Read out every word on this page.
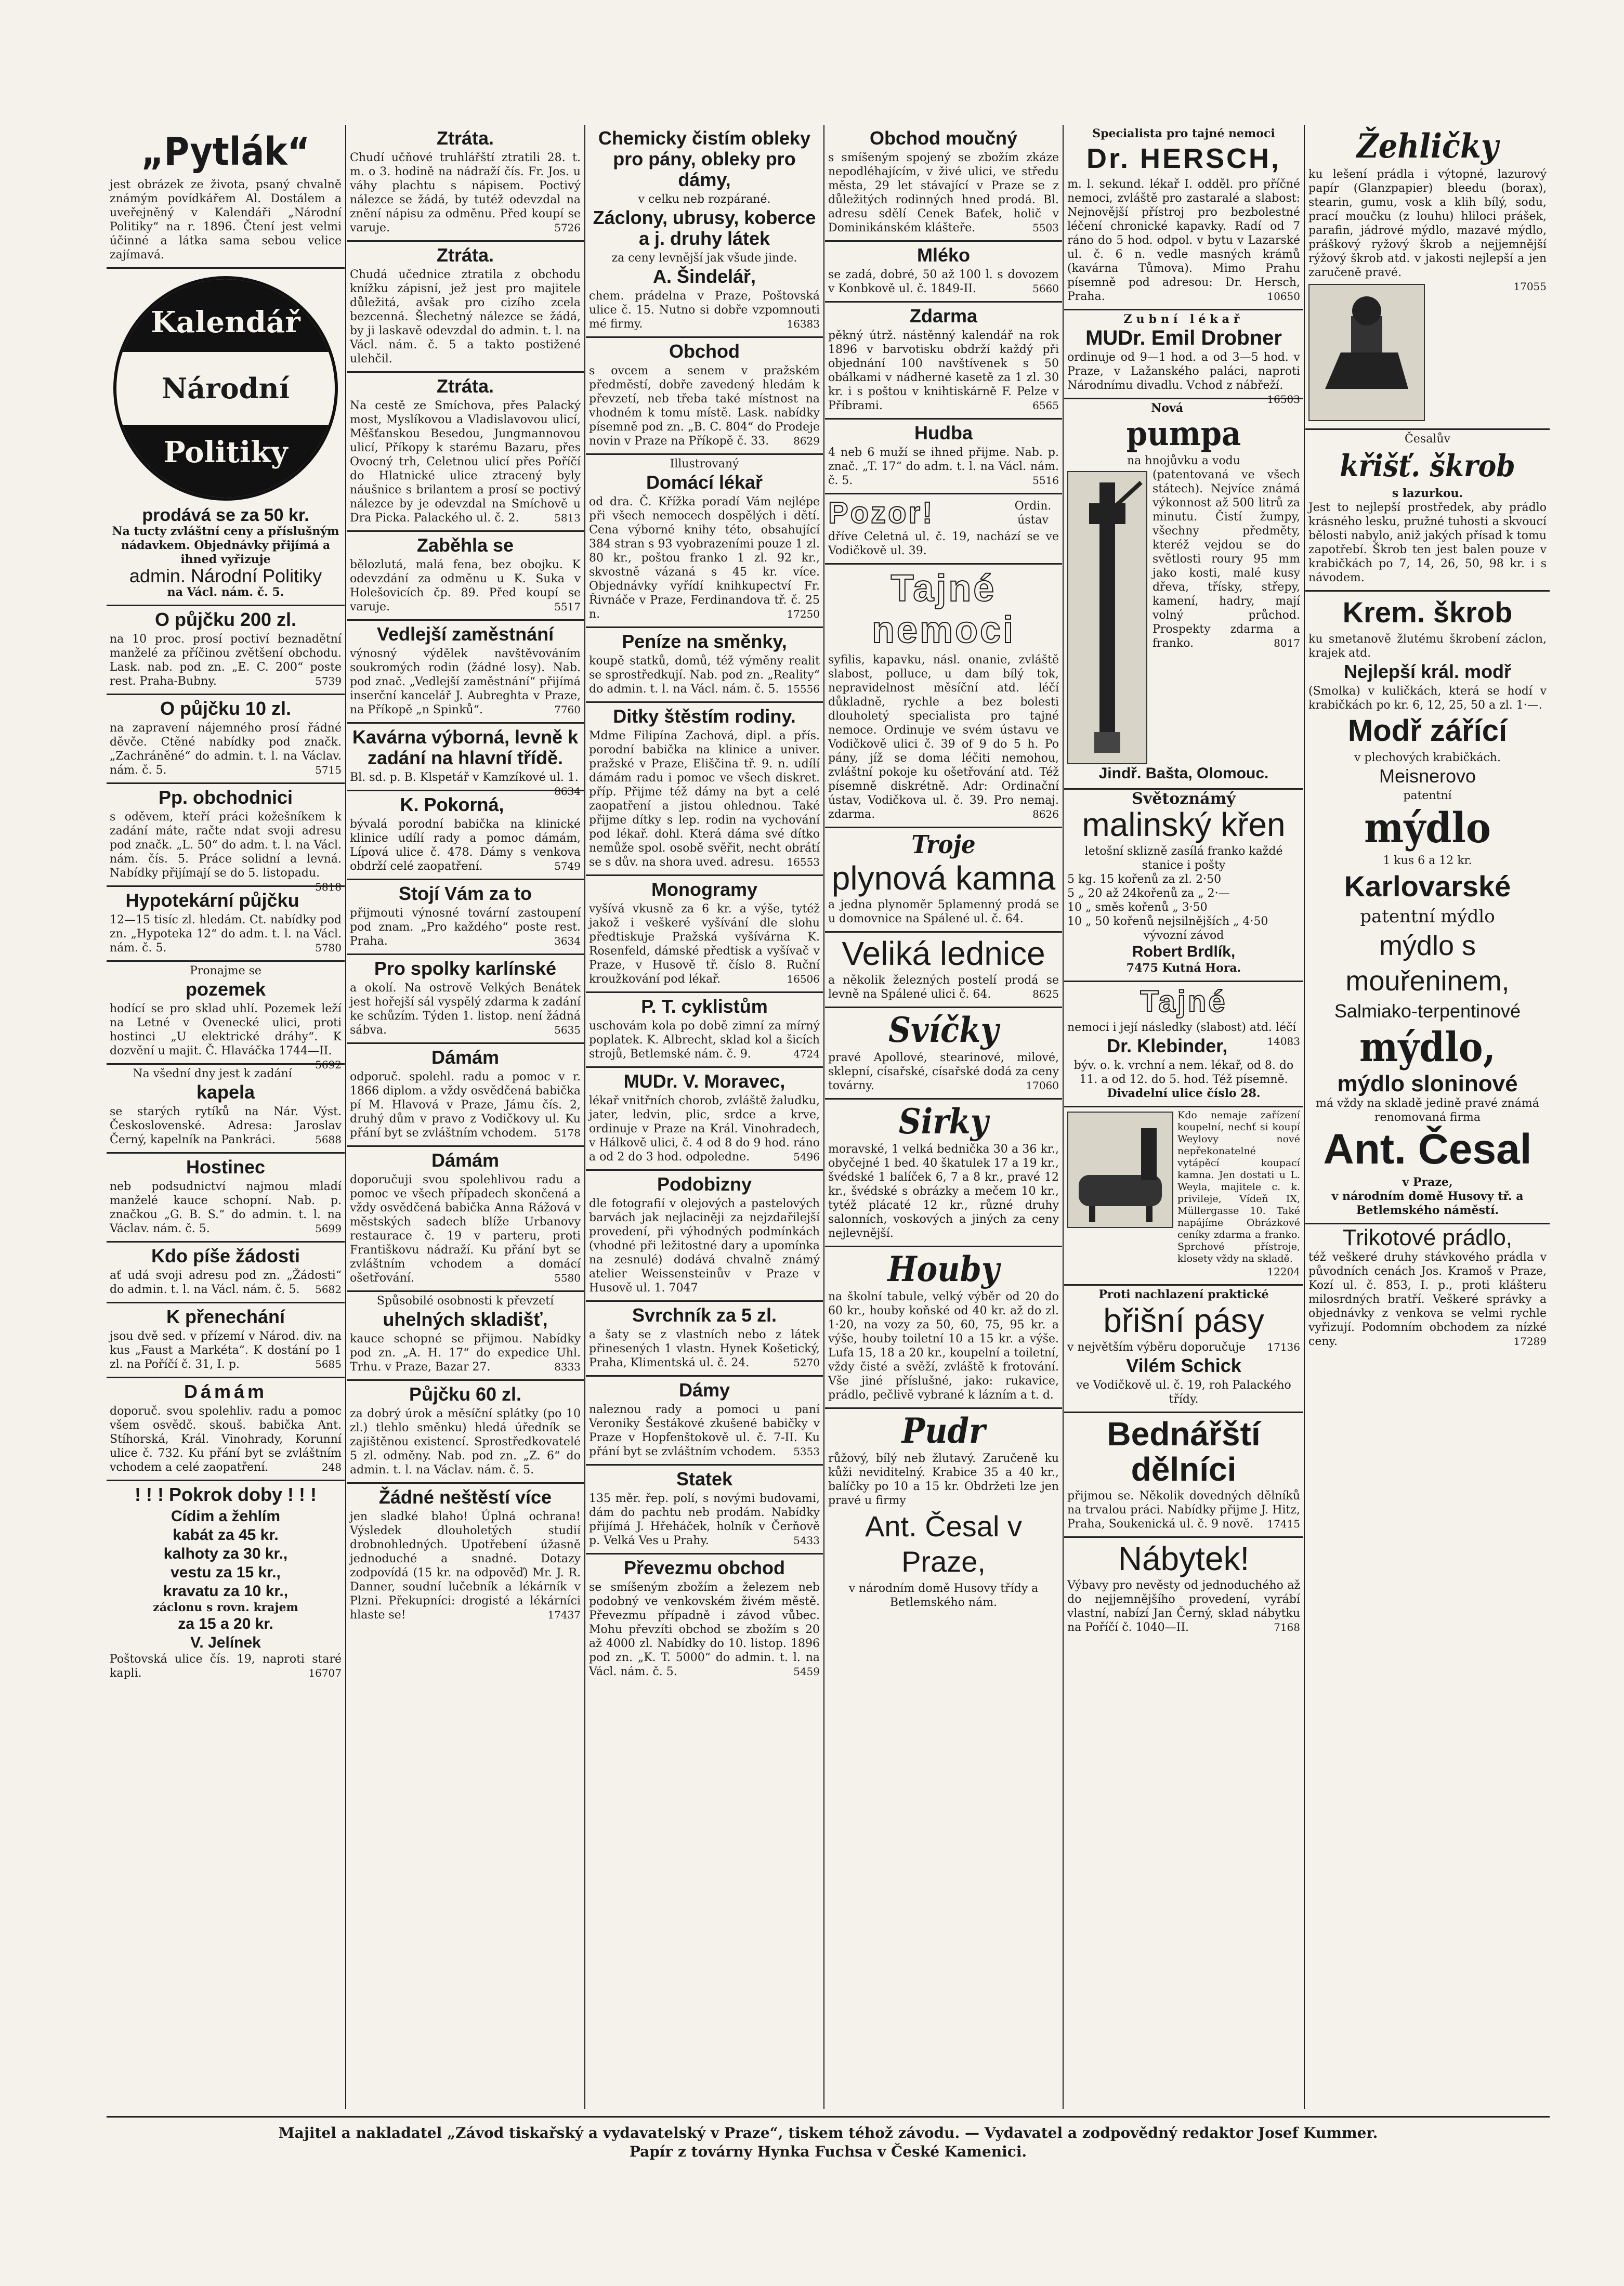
„Pytlák“

jest obrázek ze života, psaný chvalně známým povídkářem Al. Dostálem a uveřejněný v Kalendáři „Národní Politiky“ na r. 1896. Čtení jest velmi účinné a látka sama sebou velice zajímavá.

Kalendář
Národní
Politiky
prodává se za 50 kr.

Na tucty zvláštní ceny a příslušným nádavkem. Objednávky přijímá a ihned vyřizuje

admin. Národní Politiky

na Václ. nám. č. 5.

O půjčku 200 zl.

na 10 proc. prosí poctiví beznadětní manželé za příčinou zvětšení obchodu. Lask. nab. pod zn. „E. C. 200“ poste rest. Praha-Bubny.	5739

O půjčku 10 zl.

na zapravení nájemného prosí řádné děvče. Ctěné nabídky pod značk. „Zachráněné“ do admin. t. l. na Václav. nám. č. 5.	5715

Pp. obchodnici

s oděvem, kteří práci kožešníkem k zadání máte, račte ndat svoji adresu pod značk. „L. 50“ do adm. t. l. na Václ. nám. čís. 5. Práce solidní a levná. Nabídky přijímají se do 5. listopadu.
5818

Hypotekární půjčku

12—15 tisíc zl. hledám. Ct. nabídky pod zn. „Hypoteka 12“ do adm. t. l. na Václ. nám. č. 5.	5780

Pronajme se

pozemek

hodící se pro sklad uhlí. Pozemek leží na Letné v Ovenecké ulici, proti hostinci „U elektrické dráhy“. K dozvění u majit. Č. Hlaváčka 1744—II.
5692

Na všední dny jest k zadání

kapela

se starých rytíků na Nár. Výst. Československé. Adresa: Jaroslav Černý, kapelník na Pankráci.	5688

Hostinec

neb podsudnictví najmou mladí manželé kauce schopní. Nab. p. značkou „G. B. S.“ do admin. t. l. na Václav. nám. č. 5.	5699

Kdo píše žádosti

ať udá svoji adresu pod zn. „Žádosti“ do admin. t. l. na Václ. nám. č. 5. 5682

K přenechání

jsou dvě sed. v přízemí v Národ. div. na kus „Faust a Markéta“. K dostání po 1 zl. na Poříčí č. 31, I. p.	5685

Dámám

doporuč. svou spolehliv. radu a pomoc všem osvědč. skouš. babička Ant. Stíhorská, Král. Vinohrady, Korunní ulice č. 732. Ku přání byt se zvláštním vchodem a celé zaopatření.	248

! ! ! Pokrok doby ! ! !
Cídim a žehlím
kabát za 45 kr.
kalhoty za 30 kr.,
vestu za 15 kr.,
kravatu za 10 kr.,

záclonu s rovn. krajem

za 15 a 20 kr.
V. Jelínek

Poštovská ulice čís. 19, naproti staré kapli.	16707

Ztráta.

Chudí učňové truhlářští ztratili 28. t. m. o 3. hodině na nádraží čís. Fr. Jos. u váhy plachtu s nápisem. Poctivý nálezce se žádá, by tutéž odevzdal na znění nápisu za odměnu. Před koupí se varuje.	5726

Ztráta.

Chudá učednice ztratila z obchodu knížku zápisní, jež jest pro majitele důležitá, avšak pro cizího zcela bezcenná. Šlechetný nálezce se žádá, by ji laskavě odevzdal do admin. t. l. na Václ. nám. č. 5 a takto postižené ulehčil.

Ztráta.

Na cestě ze Smíchova, přes Palacký most, Myslíkovou a Vladislavovou ulicí, Měšťanskou Besedou, Jungmannovou ulicí, Příkopy k starému Bazaru, přes Ovocný trh, Celetnou ulicí přes Poříčí do Hlatnické ulice ztracený byly náušnice s brilantem a prosí se poctivý nálezce by je odevzdal na Smíchově u Dra Picka. Palackého ul. č. 2.	5813

Zaběhla se

bělozlutá, malá fena, bez obojku. K odevzdání za odměnu u K. Suka v Holešovicích čp. 89. Před koupí se varuje.	5517

Vedlejší zaměstnání

výnosný výdělek navštěvováním soukromých rodin (žádné losy). Nab. pod znač. „Vedlejší zaměstnání“ přijímá inserční kancelář J. Aubreghta v Praze, na Příkopě „n Spinků“.	7760

Kavárna výborná, levně k zadání na hlavní třídě.

Bl. sd. p. B. Klspetář v Kamzíkové ul. 1.
8634

K. Pokorná,

bývalá porodní babička na klinické klinice udílí rady a pomoc dámám, Lípová ulice č. 478. Dámy s venkova obdrží celé zaopatření.	5749

Stojí Vám za to

přijmouti výnosné tovární zastoupení pod znam. „Pro každého“ poste rest. Praha.	3634

Pro spolky karlínské

a okolí. Na ostrově Velkých Benátek jest hořejší sál vyspělý zdarma k zadání ke schůzím. Týden 1. listop. není žádná sábva.	5635

Dámám

odporuč. spolehl. radu a pomoc v r. 1866 diplom. a vždy osvědčená babička pí M. Hlavová v Praze, Jámu čís. 2, druhý dům v pravo z Vodičkovy ul. Ku přání byt se zvláštním vchodem. 5178

Dámám

doporučuji svou spolehlivou radu a pomoc ve všech případech skončená a vždy osvědčená babička Anna Rážová v městských sadech blíže Urbanovy restaurace č. 19 v parteru, proti Františkovu nádraží. Ku přání byt se zvláštním vchodem a domácí ošetřování.	5580

Spůsobilé osobnosti k převzetí

uhelných skladišť,

kauce schopné se přijmou. Nabídky pod zn. „A. H. 17“ do expedice Uhl. Trhu. v Praze, Bazar 27.	8333

Půjčku 60 zl.

za dobrý úrok a měsíční splátky (po 10 zl.) tlehlo směnku) hledá úředník se zajištěnou existencí. Sprostředkovatelé 5 zl. odměny. Nab. pod zn. „Z. 6“ do admin. t. l. na Václav. nám. č. 5.

Žádné neštěstí více

jen sladké blaho! Úplná ochrana! Výsledek dlouholetých studií drobnohledných. Upotřebení úžasně jednoduché a snadné. Dotazy zodpovídá (15 kr. na odpověď) Mr. J. R. Danner, soudní lučebník a lékárník v Plzni. Překupníci: drogisté a lékárníci hlaste se!	17437

Chemicky čistím obleky pro pány, obleky pro dámy,

v celku neb rozpárané.

Záclony, ubrusy, koberce a j. druhy látek

za ceny levnější jak všude jinde.

A. Šindelář,

chem. prádelna v Praze, Poštovská ulice č. 15. Nutno si dobře vzpomnouti mé firmy.	16383

Obchod

s ovcem a senem v pražském předměstí, dobře zavedený hledám k převzetí, neb třeba také místnost na vhodném k tomu místě. Lask. nabídky písemně pod zn. „B. C. 804“ do Prodeje novin v Praze na Příkopě č. 33. 8629

Illustrovaný

Domácí lékař

od dra. Č. Křížka poradí Vám nejlépe při všech nemocech dospělých i dětí. Cena výborné knihy této, obsahující 384 stran s 93 vyobrazeními pouze 1 zl. 80 kr., poštou franko 1 zl. 92 kr., skvostně vázaná s 45 kr. více. Objednávky vyřídí knihkupectví Fr. Řivnáče v Praze, Ferdinandova tř. č. 25 n.	17250

Peníze na směnky,

koupě statků, domů, též výměny realit se sprostředkují. Nab. pod zn. „Reality“ do admin. t. l. na Václ. nám. č. 5. 15556

Ditky štěstím rodiny.

Mdme Filipína Zachová, dipl. a přís. porodní babička na klinice a univer. pražské v Praze, Eliščina tř. 9. n. udílí dámám radu i pomoc ve všech diskret. příp. Přijme též dámy na byt a celé zaopatření a jistou ohlednou. Také přijme dítky s lep. rodin na vychování pod lékař. dohl. Která dáma své dítko nemůže spol. osobě svěřit, necht obrátí se s dův. na shora uved. adresu. 16553

Monogramy

vyšívá vkusně za 6 kr. a výše, tytéž jakož i veškeré vyšívání dle slohu předtiskuje Pražská vyšívárna K. Rosenfeld, dámské předtisk a vyšívač v Praze, v Husově tř. číslo 8. Ruční kroužkování pod lékař.	16506

P. T. cyklistům

uschovám kola po době zimní za mírný poplatek. K. Albrecht, sklad kol a šicích strojů, Betlemské nám. č. 9.	4724

MUDr. V. Moravec,

lékař vnitřních chorob, zvláště žaludku, jater, ledvin, plic, srdce a krve, ordinuje v Praze na Král. Vinohradech, v Hálkově ulici, č. 4 od 8 do 9 hod. ráno a od 2 do 3 hod. odpoledne.	5496

Podobizny

dle fotografií v olejových a pastelových barvách jak nejlaciněji za nejzdařilejší provedení, při výhodných podmínkách (vhodné při ležitostné dary a upomínka na zesnulé) dodává chvalně známý atelier Weissensteinův v Praze v Husově ul. 1. 7047

Svrchník za 5 zl.

a šaty se z vlastních nebo z látek přinesených 1 vlastn. Hynek Košetický, Praha, Klimentská ul. č. 24.	5270

Dámy

naleznou rady a pomoci u paní Veroniky Šestákové zkušené babičky v Praze v Hopfenštokově ul. č. 7-II. Ku přání byt se zvláštním vchodem. 5353

Statek

135 měr. řep. polí, s novými budovami, dám do pachtu neb prodám. Nabídky přijímá J. Hřeháček, holník v Čerňově p. Velká Ves u Prahy.	5433

Převezmu obchod

se smíšeným zbožím a železem neb podobný ve venkovském živém městě. Převezmu případně i závod vůbec. Mohu převzíti obchod se zbožím s 20 až 4000 zl. Nabídky do 10. listop. 1896 pod zn. „K. T. 5000“ do admin. t. l. na Václ. nám. č. 5.	5459

Obchod moučný

s smíšeným spojený se zbožím zkáze nepodléhajícím, v živé ulici, ve středu města, 29 let stávající v Praze se z důležitých rodinných hned prodá. Bl. adresu sdělí Cenek Baťek, holič v Dominikánském klášteře.	5503

Mléko

se zadá, dobré, 50 až 100 l. s dovozem v Konbkově ul. č. 1849-II.	5660

Zdarma

pěkný útrž. nástěnný kalendář na rok 1896 v barvotisku obdrží každý při objednání 100 navštívenek s 50 obálkami v nádherné kasetě za 1 zl. 30 kr. i s poštou v knihtiskárně F. Pelze v Příbrami.	6565

Hudba

4 neb 6 muží se ihned přijme. Nab. p. znač. „T. 17“ do adm. t. l. na Václ. nám. č. 5.	5516

Pozor!	Ordin. ústav

dříve Celetná ul. č. 19, nachází se ve Vodičkově ul. 39.

Tajné nemoci

syfilis, kapavku, násl. onanie, zvláště slabost, polluce, u dam bílý tok, nepravidelnost měsíční atd. léčí důkladně, rychle a bez bolesti dlouholetý specialista pro tajné nemoce. Ordinuje ve svém ústavu ve Vodičkově ulici č. 39 of 9 do 5 h. Po pány, jíž se doma léčiti nemohou, zvláštní pokoje ku ošetřování atd. Též písemně diskrétně. Adr: Ordinační ústav, Vodičkova ul. č. 39. Pro nemaj. zdarma.	8626

Troje
plynová kamna

a jedna plynoměr 5plamenný prodá se u domovnice na Spálené ul. č. 64.

Veliká lednice

a několik železných postelí prodá se levně na Spálené ulici č. 64.	8625

Svíčky

pravé Apollové, stearinové, milové, sklepní, císařské, císařské dodá za ceny továrny.	17060

Sirky

moravské, 1 velká bednička 30 a 36 kr., obyčejné 1 bed. 40 škatulek 17 a 19 kr., švédské 1 balíček 6, 7 a 8 kr., pravé 12 kr., švédské s obrázky a mečem 10 kr., tytéž plácaté 12 kr., různé druhy salonních, voskových a jiných za ceny nejlevnější.

Houby

na školní tabule, velký výběr od 20 do 60 kr., houby koňské od 40 kr. až do zl. 1·20, na vozy za 50, 60, 75, 95 kr. a výše, houby toiletní 10 a 15 kr. a výše. Lufa 15, 18 a 20 kr., koupelní a toiletní, vždy čisté a svěží, zvláště k frotování. Vše jiné příslušné, jako: rukavice, prádlo, pečlivě vybrané k lázním a t. d.

Pudr

růžový, bílý neb žlutavý. Zaručeně ku kůži neviditelný. Krabice 35 a 40 kr., balíčky po 10 a 15 kr. Obdržeti lze jen pravé u firmy

Ant. Česal v Praze,

v národním domě Husovy třídy a Betlemského nám.

Specialista pro tajné nemoci

Dr. HERSCH,

m. l. sekund. lékař I. odděl. pro příčné nemoci, zvláště pro zastaralé a slabost: Nejnovější přístroj pro bezbolestné léčení chronické kapavky. Radí od 7 ráno do 5 hod. odpol. v bytu v Lazarské ul. č. 6 n. vedle masných krámů (kavárna Tůmova). Mimo Prahu písemně pod adresou: Dr. Hersch, Praha.	10650

Zubní lékař

MUDr. Emil Drobner

ordinuje od 9—1 hod. a od 3—5 hod. v Praze, v Lažanského paláci, naproti Národnímu divadlu. Vchod z nábřeží.
16503

Nová

pumpa

na hnojůvku a vodu

(patentovaná ve všech státech). Nejvíce známá výkonnost až 500 litrů za minutu. Čistí žumpy, všechny předměty, kteréž vejdou se do světlosti roury 95 mm jako kosti, malé kusy dřeva, třísky, střepy, kamení, hadry, mají volný průchod. Prospekty zdarma a franko.	8017

Jindř. Bašta, Olomouc.

Světoznámý

malinský křen

letošní sklizně zasílá franko každé stanice i pošty

5 kg. 15 kořenů za zl. 2·50

5 „ 20 až 24kořenů za „ 2·—

10 „ směs kořenů „ 3·50

10 „ 50 kořenů nejsilnějších „ 4·50

vývozní závod

Robert Brdlík,

7475 Kutná Hora.

Tajné

nemoci i její následky (slabost) atd. léčí
14083

Dr. Klebinder,

býv. o. k. vrchní a nem. lékař, od 8. do 11. a od 12. do 5. hod. Též písemně.

Divadelní ulice číslo 28.

Kdo nemaje zařízení koupelní, nechť si koupí Weylovy nové nepřekonatelné vytápěcí koupací kamna. Jen dostati u L. Weyla, majitele c. k. privileje, Vídeň IX, Müllergasse 10. Také napájíme Obrázkové ceníky zdarma a franko. Sprchové přístroje, klosety vždy na skladě.

12204

Proti nachlazení praktické

břišní pásy

v největším výběru doporučuje 17136

Vilém Schick

ve Vodičkově ul. č. 19, roh Palackého třídy.

Bednářští dělníci

přijmou se. Několik dovedných dělníků na trvalou práci. Nabídky přijme J. Hitz, Praha, Soukenická ul. č. 9 nově. 17415

Nábytek!

Výbavy pro nevěsty od jednoduchého až do nejjemnějšího provedení, vyrábí vlastní, nabízí Jan Černý, sklad nábytku na Poříčí č. 1040—II.	7168

Žehličky

ku lešení prádla i výtopné, lazurový papír (Glanzpapier) bleedu (borax), stearin, gumu, vosk a klih bílý, sodu, prací moučku (z louhu) hliloci prášek, parafin, jádrové mýdlo, mazavé mýdlo, práškový ryžový škrob a nejjemnější rýžový škrob atd. v jakosti nejlepší a jen zaručeně pravé.

17055

Česalův

křišť. škrob

s lazurkou.

Jest to nejlepší prostředek, aby prádlo krásného lesku, pružné tuhosti a skvoucí bělosti nabylo, aniž jakých přísad k tomu zapotřebí. Škrob ten jest balen pouze v krabičkách po 7, 14, 26, 50, 98 kr. i s návodem.

Krem. škrob

ku smetanově žlutému škrobení záclon, krajek atd.

Nejlepší král. modř

(Smolka) v kuličkách, která se hodí v krabičkách po kr. 6, 12, 25, 50 a zl. 1·—.

Modř zářící

v plechových krabičkách.

Meisnerovo

patentní

mýdlo

1 kus 6 a 12 kr.

Karlovarské

patentní mýdlo

mýdlo s mouřeninem,
Salmiako-terpentinové
mýdlo,
mýdlo sloninové

má vždy na skladě jedině pravé známá renomovaná firma

Ant. Česal

v Praze,

v národním domě Husovy tř. a Betlemského náměstí.

Trikotové prádlo,

též veškeré druhy stávkového prádla v původních cenách Jos. Kramoš v Praze, Kozí ul. č. 853, I. p., proti klášteru milosrdných bratří. Veškeré správky a objednávky z venkova se velmi rychle vyřizují. Podomním obchodem za nízké ceny.	17289

Majitel a nakladatel „Závod tiskařský a vydavatelský v Praze“, tiskem téhož závodu. — Vydavatel a zodpovědný redaktor Josef Kummer.
Papír z továrny Hynka Fuchsa v České Kamenici.
